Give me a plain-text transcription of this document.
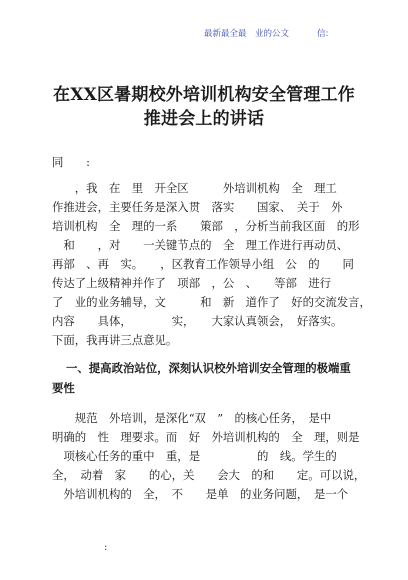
最新最全最　业的公文	信:
在XX区暑期校外培训机构安全管理工作
推进会上的讲话
同　　:
　　，我　在　里　开全区　　　外培训机构　全　理工
作推进会，主要任务是深入贯　落实　　国家、　关于　外
培训机构　全　理的一系　　策部　，分析当前我区面　的形
　和　　，对　　一关键节点的　全　理工作进行再动员、
再部　、再　实。　　，区教育工作领导小组　公　的　　同
传达了上级精神并作了　项部　，公　、　　等部　进行
了　业的业务辅导，文　　　和　新　道作了　好的交流发言，
内容　　具体，　　　　实，　　大家认真领会，　好落实。
下面，我再讲三点意见。
一、提高政治站位，深刻认识校外培训安全管理的极端重
要性
　　规范　外培训，是深化“双　”　的核心任务，　是中
明确的　性　理要求。而　好　外培训机构的　全　理，则是
　项核心任务的重中　重，是　　　　　的　线。学生的
全，　动着　家　　的心，关　　会大　的和　　定。可以说，
　外培训机构的　全，　不　　是单　的业务问题，　是一个
:
